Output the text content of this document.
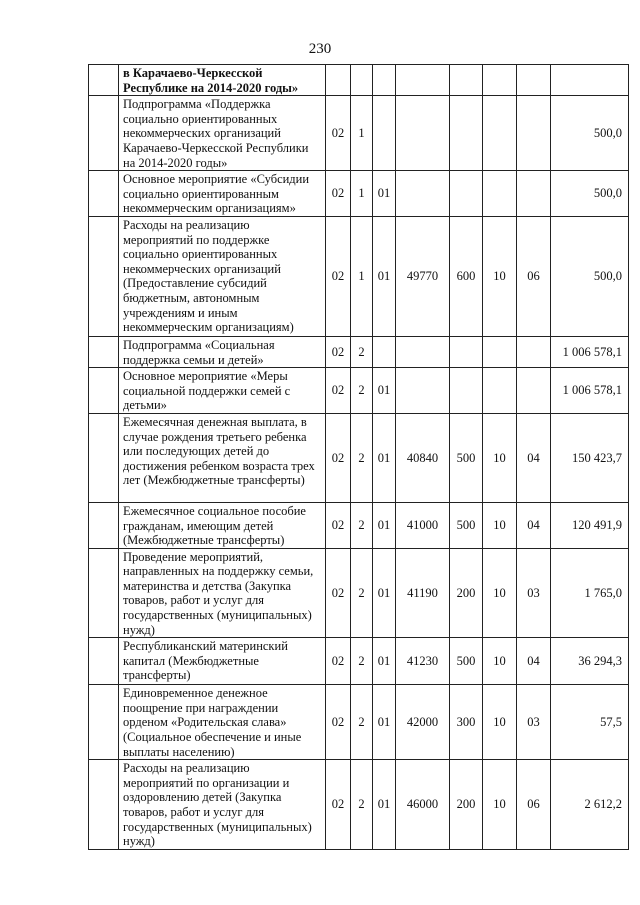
230
	в Карачаево-Черкесской Республике на 2014-2020 годы»								
	Подпрограмма «Поддержка социально ориентированных некоммерческих организаций Карачаево-Черкесской Республики на 2014-2020 годы»	02	1						500,0
	Основное мероприятие «Субсидии социально ориентированным некоммерческим организациям»	02	1	01					500,0
	Расходы на реализацию мероприятий по поддержке социально ориентированных некоммерческих организаций (Предоставление субсидий бюджетным, автономным учреждениям и иным некоммерческим организациям)	02	1	01	49770	600	10	06	500,0
	Подпрограмма «Социальная поддержка семьи и детей»	02	2						1 006 578,1
	Основное мероприятие «Меры социальной поддержки семей с детьми»	02	2	01					1 006 578,1
	Ежемесячная денежная выплата, в случае рождения третьего ребенка или последующих детей до достижения ребенком возраста трех лет (Межбюджетные трансферты)	02	2	01	40840	500	10	04	150 423,7
	Ежемесячное социальное пособие гражданам, имеющим детей (Межбюджетные трансферты)	02	2	01	41000	500	10	04	120 491,9
	Проведение мероприятий, направленных на поддержку семьи, материнства и детства (Закупка товаров, работ и услуг для государственных (муниципальных) нужд)	02	2	01	41190	200	10	03	1 765,0
	Республиканский материнский капитал (Межбюджетные трансферты)	02	2	01	41230	500	10	04	36 294,3
	Единовременное денежное поощрение при награждении орденом «Родительская слава» (Социальное обеспечение и иные выплаты населению)	02	2	01	42000	300	10	03	57,5
	Расходы на реализацию мероприятий по организации и оздоровлению детей (Закупка товаров, работ и услуг для государственных (муниципальных) нужд)	02	2	01	46000	200	10	06	2 612,2
